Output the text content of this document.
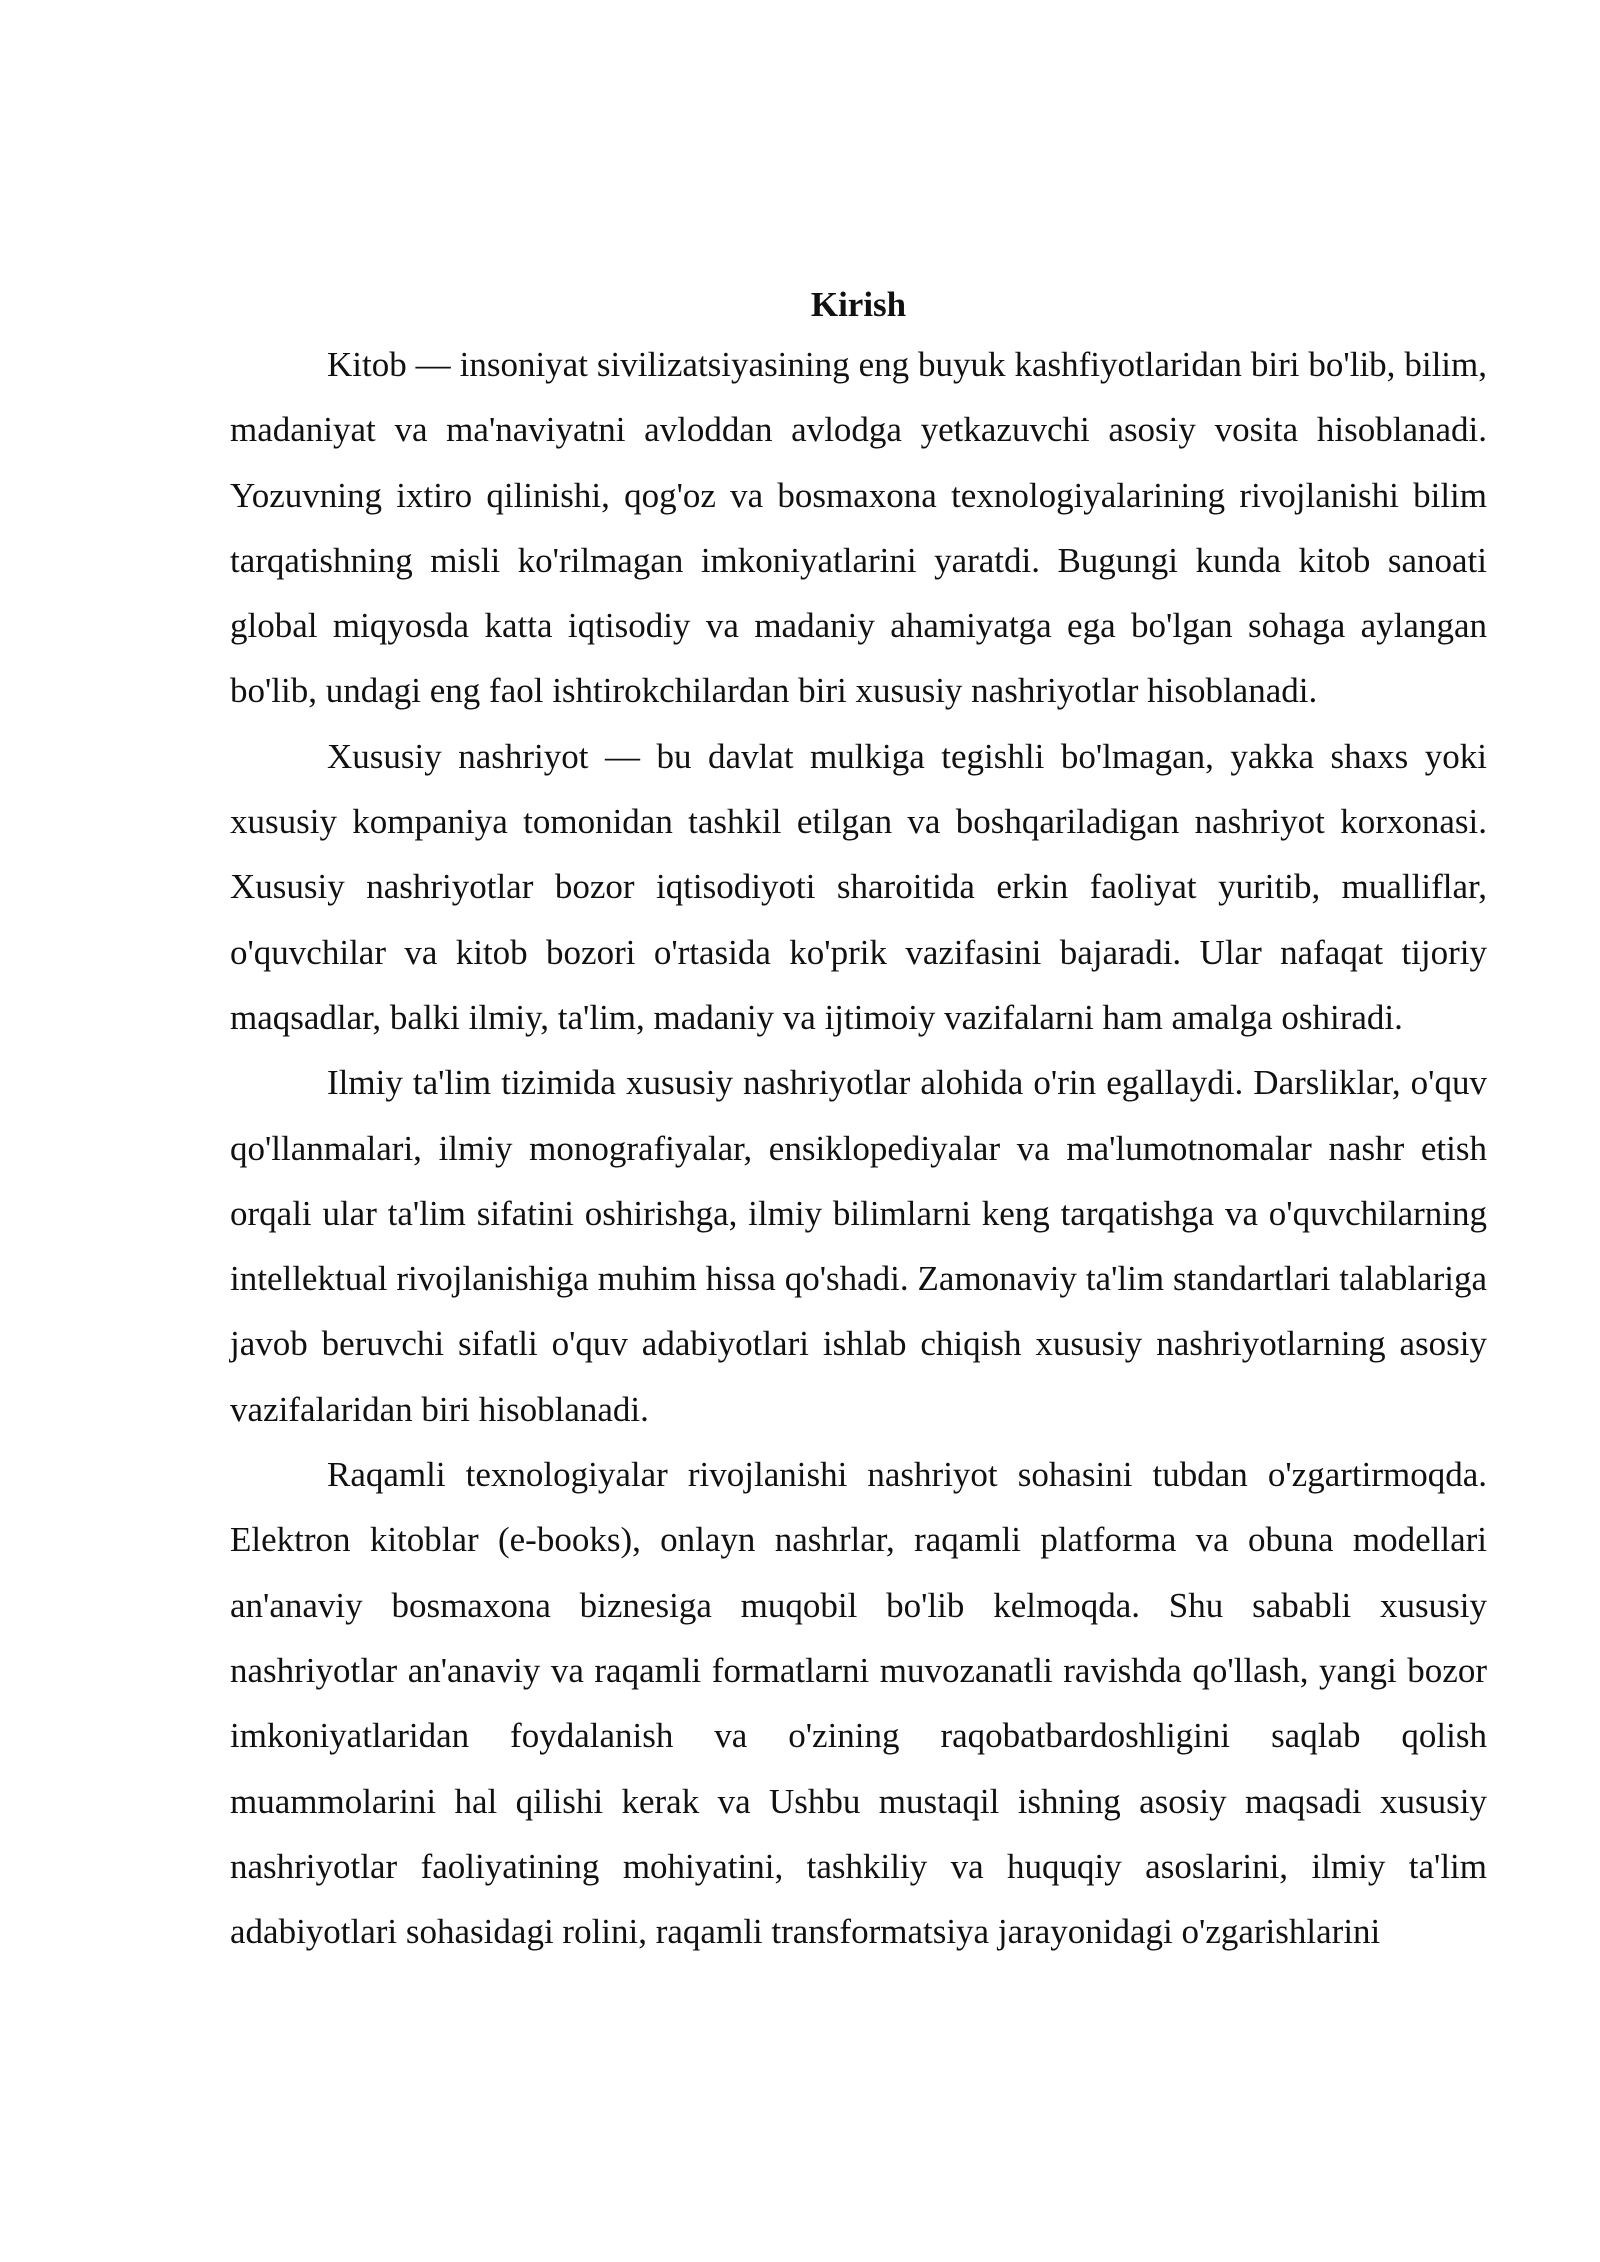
Kirish

Kitob — insoniyat sivilizatsiyasining eng buyuk kashfiyotlaridan biri bo'lib, bilim, madaniyat va ma'naviyatni avloddan avlodga yetkazuvchi asosiy vosita hisoblanadi. Yozuvning ixtiro qilinishi, qog'oz va bosmaxona texnologiyalarining rivojlanishi bilim tarqatishning misli ko'rilmagan imkoniyatlarini yaratdi. Bugungi kunda kitob sanoati global miqyosda katta iqtisodiy va madaniy ahamiyatga ega bo'lgan sohaga aylangan bo'lib, undagi eng faol ishtirokchilardan biri xususiy nashriyotlar hisoblanadi.

Xususiy nashriyot — bu davlat mulkiga tegishli bo'lmagan, yakka shaxs yoki xususiy kompaniya tomonidan tashkil etilgan va boshqariladigan nashriyot korxonasi. Xususiy nashriyotlar bozor iqtisodiyoti sharoitida erkin faoliyat yuritib, mualliflar, o'quvchilar va kitob bozori o'rtasida ko'prik vazifasini bajaradi. Ular nafaqat tijoriy maqsadlar, balki ilmiy, ta'lim, madaniy va ijtimoiy vazifalarni ham amalga oshiradi.

Ilmiy ta'lim tizimida xususiy nashriyotlar alohida o'rin egallaydi. Darsliklar, o'quv qo'llanmalari, ilmiy monografiyalar, ensiklopediyalar va ma'lumotnomalar nashr etish orqali ular ta'lim sifatini oshirishga, ilmiy bilimlarni keng tarqatishga va o'quvchilarning intellektual rivojlanishiga muhim hissa qo'shadi. Zamonaviy ta'lim standartlari talablariga javob beruvchi sifatli o'quv adabiyotlari ishlab chiqish xususiy nashriyotlarning asosiy vazifalaridan biri hisoblanadi.

Raqamli texnologiyalar rivojlanishi nashriyot sohasini tubdan o'zgartirmoqda. Elektron kitoblar (e-books), onlayn nashrlar, raqamli platforma va obuna modellari an'anaviy bosmaxona biznesiga muqobil bo'lib kelmoqda. Shu sababli xususiy nashriyotlar an'anaviy va raqamli formatlarni muvozanatli ravishda qo'llash, yangi bozor imkoniyatlaridan foydalanish va o'zining raqobatbardoshligini saqlab qolish muammolarini hal qilishi kerak va Ushbu mustaqil ishning asosiy maqsadi xususiy nashriyotlar faoliyatining mohiyatini, tashkiliy va huquqiy asoslarini, ilmiy ta'lim adabiyotlari sohasidagi rolini, raqamli transformatsiya jarayonidagi o'zgarishlarini
